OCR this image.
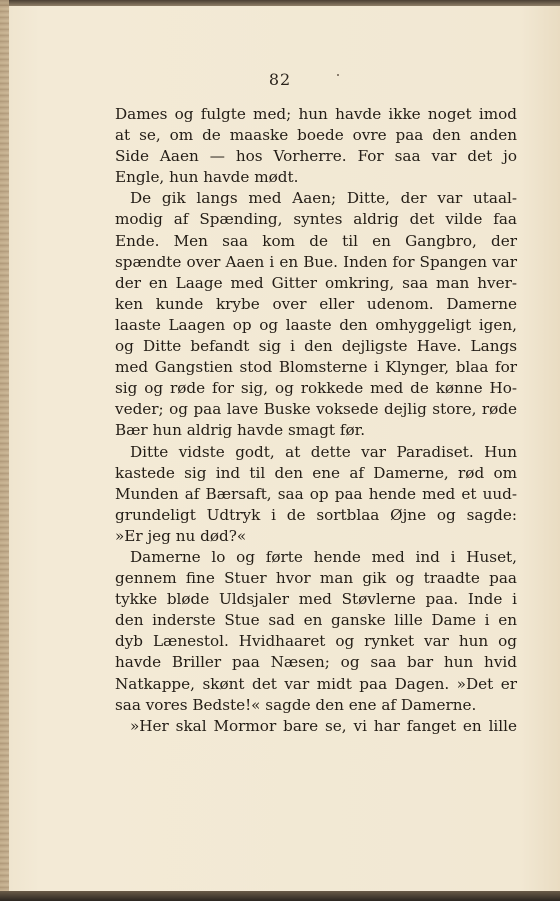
82
Dames og fulgte med; hun havde ikke noget imod
at se, om de maaske boede ovre paa den anden
Side Aaen — hos Vorherre. For saa var det jo
Engle, hun havde mødt.
De gik langs med Aaen; Ditte, der var utaal-
modig af Spænding, syntes aldrig det vilde faa
Ende. Men saa kom de til en Gangbro, der
spændte over Aaen i en Bue. Inden for Spangen var
der en Laage med Gitter omkring, saa man hver-
ken kunde krybe over eller udenom. Damerne
laaste Laagen op og laaste den omhyggeligt igen,
og Ditte befandt sig i den dejligste Have. Langs
med Gangstien stod Blomsterne i Klynger, blaa for
sig og røde for sig, og rokkede med de kønne Ho-
veder; og paa lave Buske voksede dejlig store, røde
Bær hun aldrig havde smagt før.
Ditte vidste godt, at dette var Paradiset. Hun
kastede sig ind til den ene af Damerne, rød om
Munden af Bærsaft, saa op paa hende med et uud-
grundeligt Udtryk i de sortblaa Øjne og sagde:
»Er jeg nu død?«
Damerne lo og førte hende med ind i Huset,
gennem fine Stuer hvor man gik og traadte paa
tykke bløde Uldsjaler med Støvlerne paa. Inde i
den inderste Stue sad en ganske lille Dame i en
dyb Lænestol. Hvidhaaret og rynket var hun og
havde Briller paa Næsen; og saa bar hun hvid
Natkappe, skønt det var midt paa Dagen. »Det er
saa vores Bedste!« sagde den ene af Damerne.
»Her skal Mormor bare se, vi har fanget en lille
